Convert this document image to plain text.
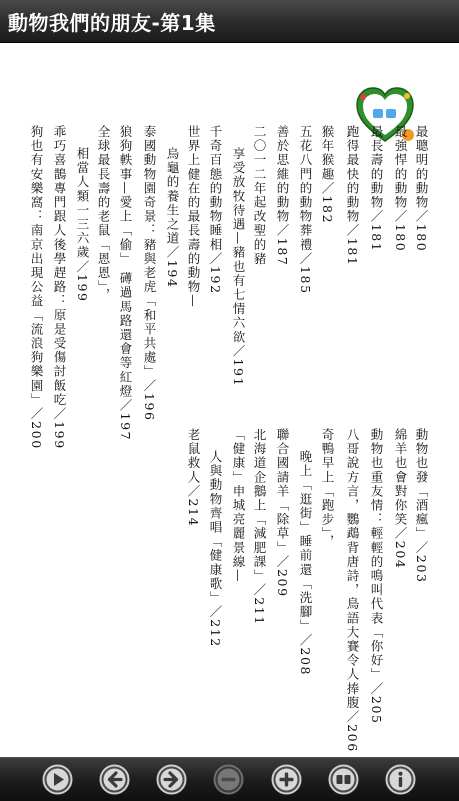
動物我們的朋友-第1集
最聰明的動物／180
最強悍的動物／180
最長壽的動物／181
跑得最快的動物／181
猴年猴趣／182
五花八門的動物葬禮／185
善於思維的動物／187
二〇一二年起改聖的豬
享受放牧待遇—豬也有七情六欲／191
千奇百態的動物睡相／192
世界上健在的最長壽的動物—
烏龜的養生之道／194
泰國動物園奇景：豬與老虎「和平共處」／196
狼狗軼事—愛上「偷」 礡過馬路還會等紅燈／197
全球最長壽的老鼠「恩恩」，
相當人類一三六歲／199
乖巧喜鵲專門跟人後學趕路：原是受傷討飯吃／199
狗也有安樂窩：南京出現公益「流浪狗樂園」／200
動物也發「酒瘋」／203
綿羊也會對你笑／204
動物也重友情：輕輕的鳴叫代表「你好」／205
八哥說方言，鸚鵡背唐詩，鳥語大賽令人捧腹／206
奇鴨早上「跑步」，
晚上「逛街」睡前還「洗腳」／208
聯合國請羊「除草」／209
北海道企鵝上「減肥課」／211
「健康」申城亮麗景線—
人與動物齊唱「健康歌」／212
老鼠救人／214
